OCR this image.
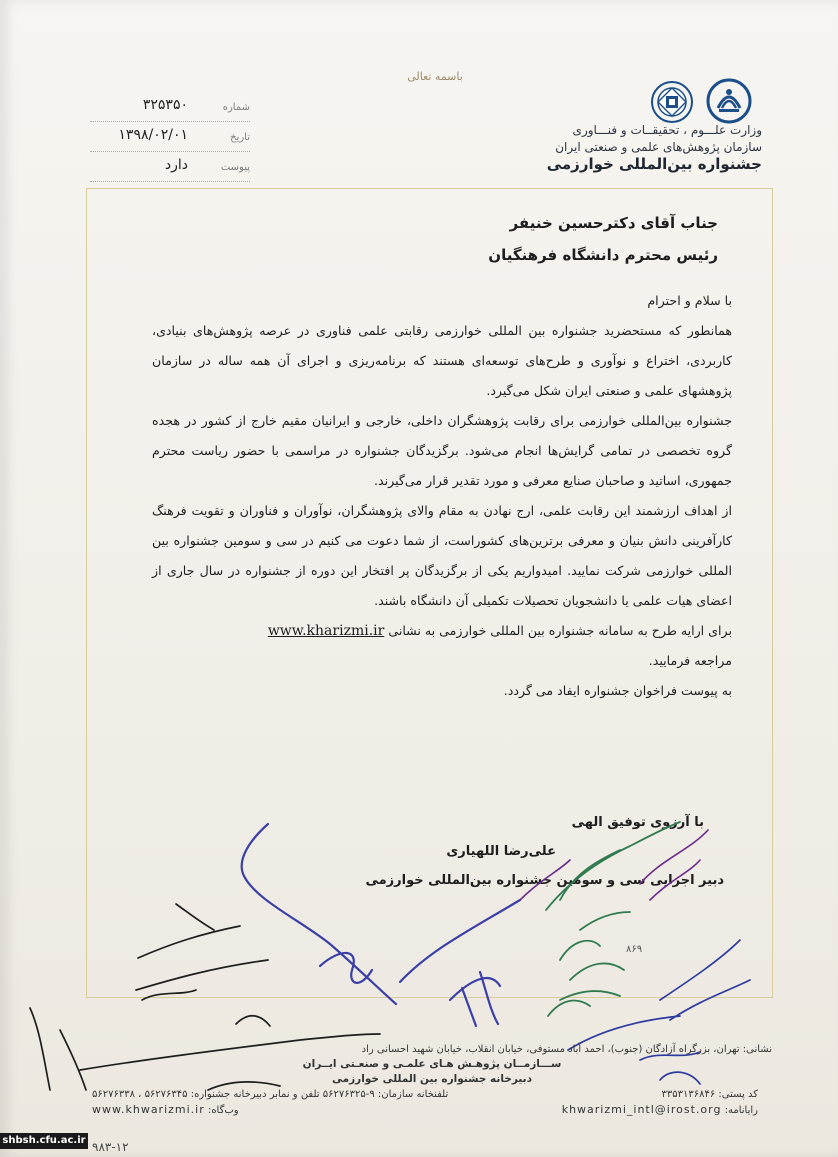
باسمه تعالی
وزارت علـــوم ، تحقیقــات و فنـــاوری
سازمان پژوهش‌های علمی و صنعتی ایران
جشنواره بین‌المللی خوارزمی
شماره
۳۲۵۳۵۰
تاریخ
۱۳۹۸/۰۲/۰۱
پیوست
دارد
جناب آقای دکترحسین خنیفر
رئیس محترم دانشگاه فرهنگیان

با سلام و احترام

همانطور که مستحضرید جشنواره بین المللی خوارزمی رقابتی علمی فناوری در عرصه پژوهش‌های بنیادی، کاربردی، اختراع و نوآوری و طرح‌های توسعه‌ای هستند که برنامه‌ریزی و اجرای آن همه ساله در سازمان پژوهشهای علمی و صنعتی ایران شکل می‌گیرد.

جشنواره بین‌المللی خوارزمی برای رقابت پژوهشگران داخلی، خارجی و ایرانیان مقیم خارج از کشور در هجده گروه تخصصی در تمامی گرایش‌ها انجام می‌شود. برگزیدگان جشنواره در مراسمی با حضور ریاست محترم جمهوری، اساتید و صاحبان صنایع معرفی و مورد تقدیر قرار می‌گیرند.

از اهداف ارزشمند این رقابت علمی، ارج نهادن به مقام والای پژوهشگران، نوآوران و فناوران و تقویت فرهنگ کارآفرینی دانش بنیان و معرفی برترین‌های کشوراست، از شما دعوت می کنیم در سی و سومین جشنواره بین المللی خوارزمی شرکت نمایید. امیدواریم یکی از برگزیدگان پر افتخار این دوره از جشنواره در سال جاری از اعضای هیات علمی یا دانشجویان تحصیلات تکمیلی آن دانشگاه باشند.

برای ارایه طرح به سامانه جشنواره بین المللی خوارزمی به نشانی www.kharizmi.ir
مراجعه فرمایید.

به پیوست فراخوان جشنواره ایفاد می گردد.

با آرزوی توفیق الهی
علی‌رضا اللهیاری
دبیر اجرایی سی و سومین جشنواره بین‌المللی خوارزمی
۸۶۹
نشانی: تهران، بزرگراه آزادگان (جنوب)، احمد آباد مستوفی، خیابان انقلاب، خیابان شهید احسانی راد
ســـازمــان پژوهـش هـای علمـی و صنعـتی ایــران
دبیرخانه جشنواره بین المللی خوارزمی
کد پستی: ۳۳۵۳۱۳۶۸۴۶
تلفنخانه سازمان: ۹-۵۶۲۷۶۳۲۵ تلفن و نمابر دبیرخانه جشنواره: ۵۶۲۷۶۳۴۵ ، ۵۶۲۷۶۳۳۸
رایانامه: khwarizmi_intl@irost.org
وب‌گاه: www.khwarizmi.ir
shbsh.cfu.ac.ir ۹۸۳-۱۲
